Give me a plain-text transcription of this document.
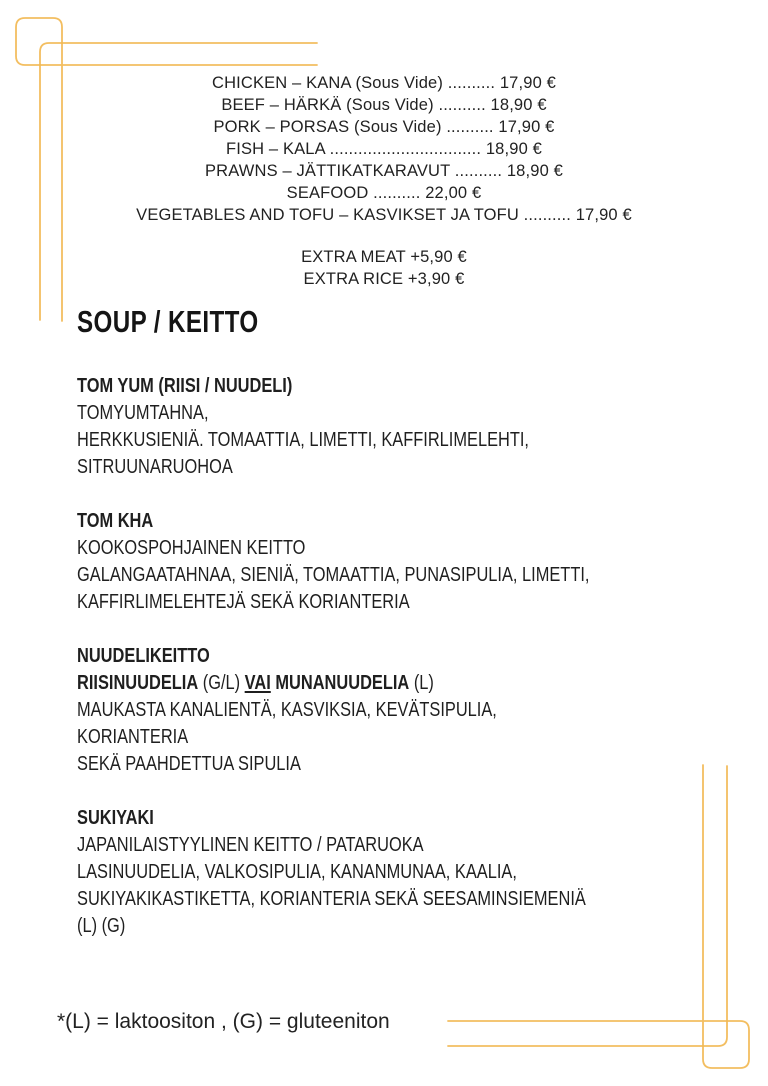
CHICKEN – KANA (Sous Vide) .......... 17,90 €
BEEF – HÄRKÄ (Sous Vide) .......... 18,90 €
PORK – PORSAS (Sous Vide) .......... 17,90 €
FISH – KALA ................................ 18,90 €
PRAWNS – JÄTTIKATKARAVUT .......... 18,90 €
SEAFOOD .......... 22,00 €
VEGETABLES AND TOFU – KASVIKSET JA TOFU .......... 17,90 €
EXTRA MEAT +5,90 €
EXTRA RICE +3,90 €
SOUP / KEITTO
TOM YUM (RIISI / NUUDELI)
TOMYUMTAHNA,
HERKKUSIENIÄ. TOMAATTIA, LIMETTI, KAFFIRLIMELEHTI,
SITRUUNARUOHOA
TOM KHA
KOOKOSPOHJAINEN KEITTO
GALANGAATAHNAA, SIENIÄ, TOMAATTIA, PUNASIPULIA, LIMETTI,
KAFFIRLIMELEHTEJÄ SEKÄ KORIANTERIA
NUUDELIKEITTO
RIISINUUDELIA (G/L) VAI MUNANUUDELIA (L)
MAUKASTA KANALIENTÄ, KASVIKSIA, KEVÄTSIPULIA,
KORIANTERIA
SEKÄ PAAHDETTUA SIPULIA
SUKIYAKI
JAPANILAISTYYLINEN KEITTO / PATARUOKA
LASINUUDELIA, VALKOSIPULIA, KANANMUNAA, KAALIA,
SUKIYAKIKASTIKETTA, KORIANTERIA SEKÄ SEESAMINSIEMENIÄ
(L) (G)
*(L) = laktoositon , (G) = gluteeniton
